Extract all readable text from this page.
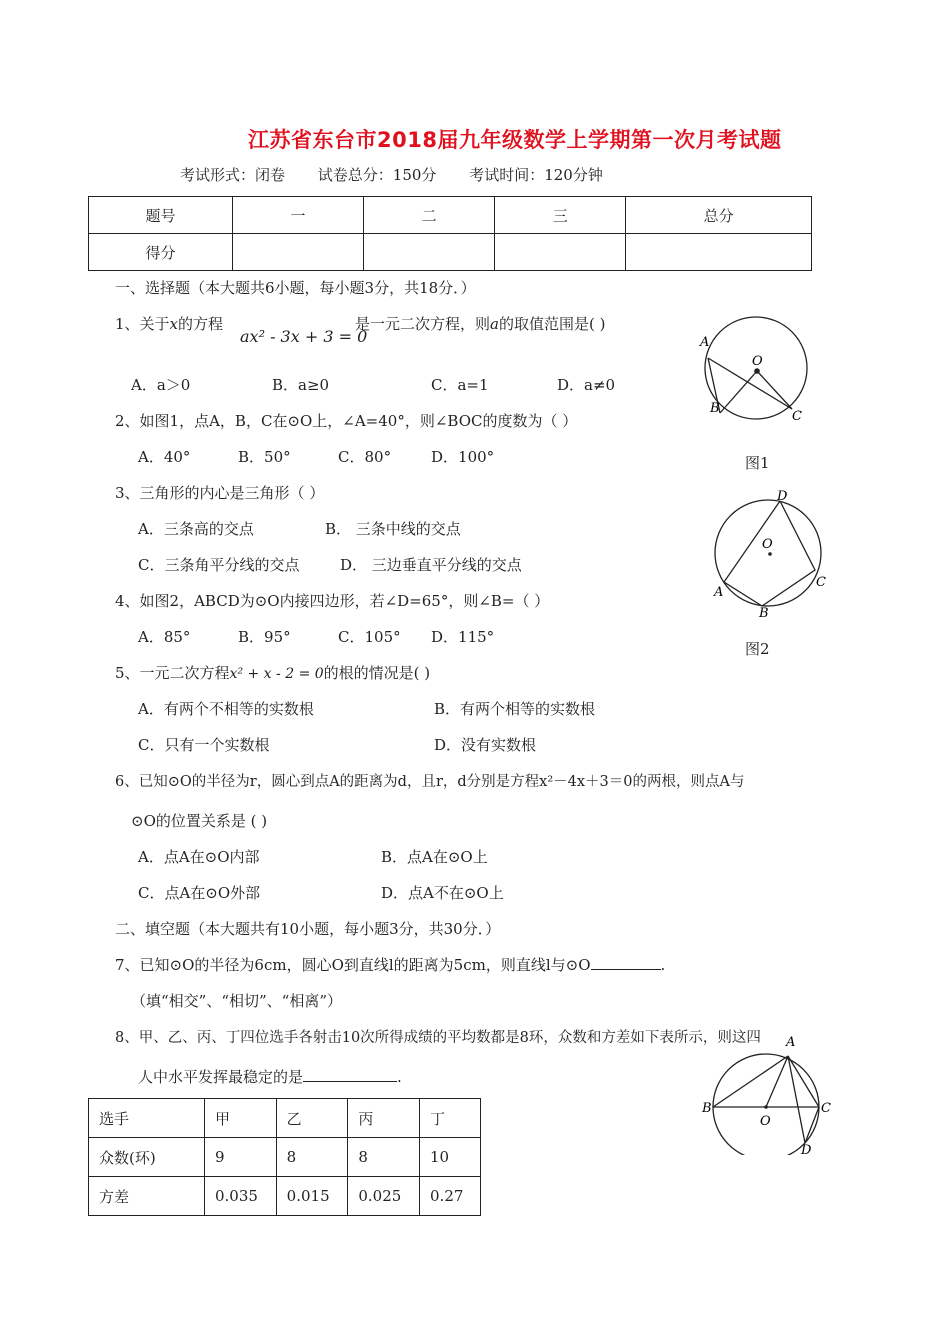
江苏省东台市2018届九年级数学上学期第一次月考试题
考试形式：闭卷 试卷总分：150分 考试时间：120分钟
题号	一	二	三	总分
得分				
一、选择题（本大题共6小题，每小题3分，共18分．）
1、关于x的方程
ax² - 3x + 3 = 0
是一元二次方程，则a的取值范围是( )
A．a＞0	B．a≥0	C．a=1	D．a≠0
2、如图1，点A，B，C在⊙O上，∠A=40°，则∠BOC的度数为（ ）
A．40°	B．50°	C．80°	D．100°
3、三角形的内心是三角形（ ）
A．三条高的交点	B． 三条中线的交点
C．三条角平分线的交点	D． 三边垂直平分线的交点
4、如图2，ABCD为⊙O内接四边形，若∠D=65°，则∠B=（ ）
A．85°	B．95°	C．105° D．115°
5、一元二次方程x² + x - 2 = 0的根的情况是( )
A．有两个不相等的实数根	B．有两个相等的实数根
C．只有一个实数根	D．没有实数根
6、已知⊙O的半径为r，圆心到点A的距离为d，且r，d分别是方程x²－4x＋3＝0的两根，则点A与
⊙O的位置关系是 ( )
A．点A在⊙O内部	B．点A在⊙O上
C．点A在⊙O外部	D．点A不在⊙O上
二、填空题（本大题共有10小题，每小题3分，共30分．）
7、已知⊙O的半径为6cm，圆心O到直线l的距离为5cm，则直线l与⊙O	.
（填“相交”、“相切”、“相离”）
8、甲、乙、丙、丁四位选手各射击10次所得成绩的平均数都是8环，众数和方差如下表所示，则这四
人中水平发挥最稳定的是	.
选手	甲	乙	丙	丁
众数(环)	9	8	8	10
方差	0.035	0.015	0.025	0.27
A
O
B
C
图1
D
O
A
B
C
图2
A
B
O
C
D
